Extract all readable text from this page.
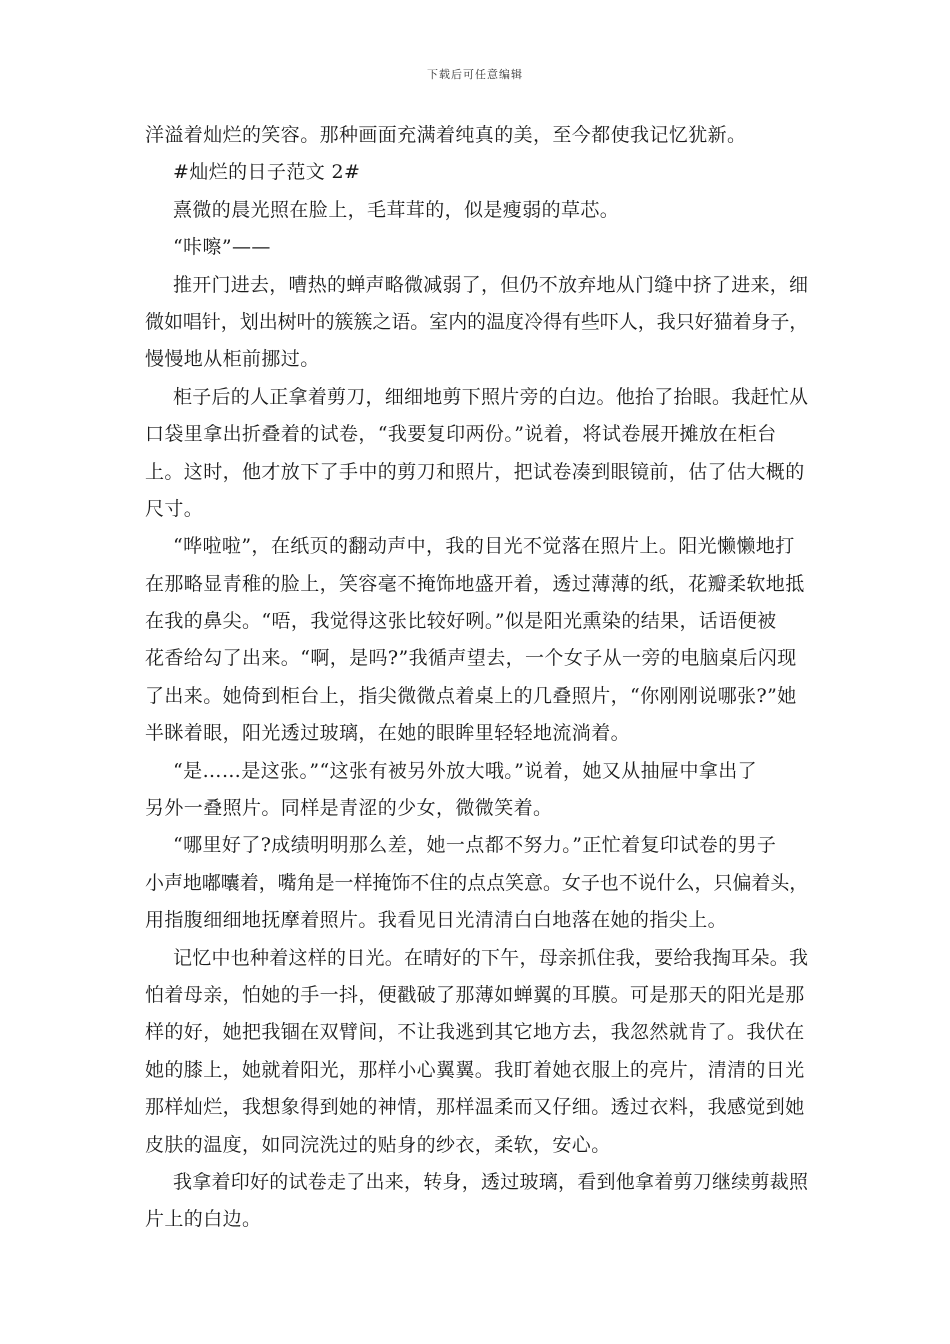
下载后可任意编辑
洋溢着灿烂的笑容。那种画面充满着纯真的美，至今都使我记忆犹新。
#灿烂的日子范文 2#
熹微的晨光照在脸上，毛茸茸的，似是瘦弱的草芯。
“咔嚓”——
推开门进去，嘈热的蝉声略微减弱了，但仍不放弃地从门缝中挤了进来，细
微如唱针，划出树叶的簇簇之语。室内的温度冷得有些吓人，我只好猫着身子，
慢慢地从柜前挪过。
柜子后的人正拿着剪刀，细细地剪下照片旁的白边。他抬了抬眼。我赶忙从
口袋里拿出折叠着的试卷，“我要复印两份。”说着，将试卷展开摊放在柜台
上。这时，他才放下了手中的剪刀和照片，把试卷凑到眼镜前，估了估大概的
尺寸。
“哗啦啦”，在纸页的翻动声中，我的目光不觉落在照片上。阳光懒懒地打
在那略显青稚的脸上，笑容毫不掩饰地盛开着，透过薄薄的纸，花瓣柔软地抵
在我的鼻尖。“唔，我觉得这张比较好咧。”似是阳光熏染的结果，话语便被
花香给勾了出来。“啊，是吗?”我循声望去，一个女子从一旁的电脑桌后闪现
了出来。她倚到柜台上，指尖微微点着桌上的几叠照片，“你刚刚说哪张?”她
半眯着眼，阳光透过玻璃，在她的眼眸里轻轻地流淌着。
“是……是这张。”“这张有被另外放大哦。”说着，她又从抽屉中拿出了
另外一叠照片。同样是青涩的少女，微微笑着。
“哪里好了?成绩明明那么差，她一点都不努力。”正忙着复印试卷的男子
小声地嘟囔着，嘴角是一样掩饰不住的点点笑意。女子也不说什么，只偏着头，
用指腹细细地抚摩着照片。我看见日光清清白白地落在她的指尖上。
记忆中也种着这样的日光。在晴好的下午，母亲抓住我，要给我掏耳朵。我
怕着母亲，怕她的手一抖，便戳破了那薄如蝉翼的耳膜。可是那天的阳光是那
样的好，她把我锢在双臂间，不让我逃到其它地方去，我忽然就肯了。我伏在
她的膝上，她就着阳光，那样小心翼翼。我盯着她衣服上的亮片，清清的日光
那样灿烂，我想象得到她的神情，那样温柔而又仔细。透过衣料，我感觉到她
皮肤的温度，如同浣洗过的贴身的纱衣，柔软，安心。
我拿着印好的试卷走了出来，转身，透过玻璃，看到他拿着剪刀继续剪裁照
片上的白边。
